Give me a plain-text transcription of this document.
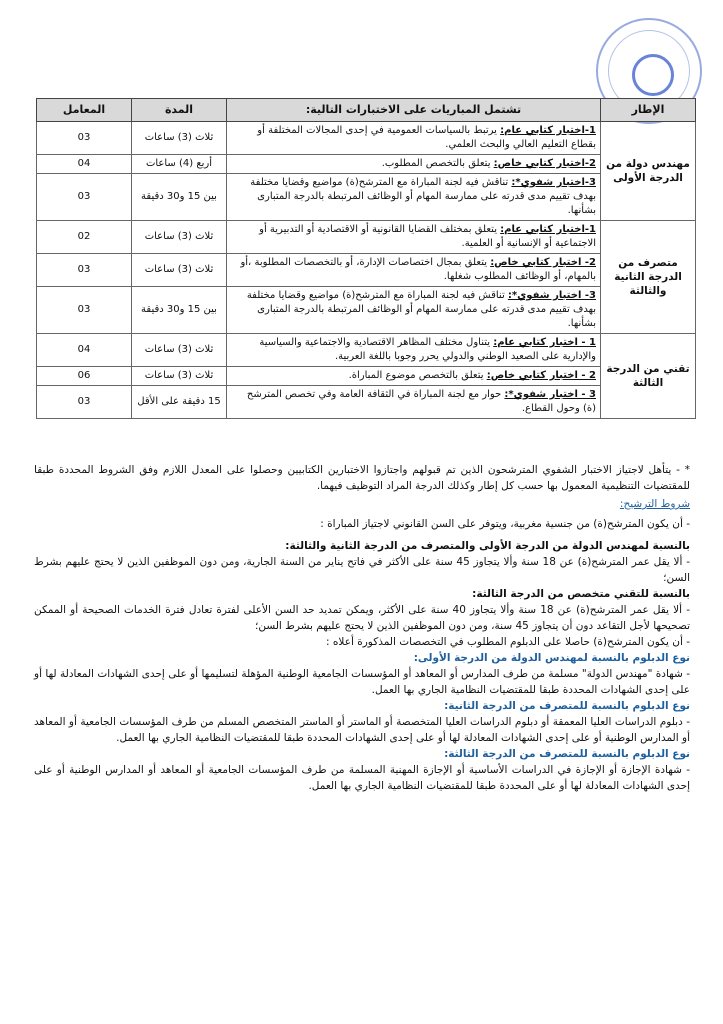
الإطار	تشتمل المباريات على الاختبارات التالية:	المدة	المعامل
مهندس دولة من الدرجة الأولى	1-اختبار كتابي عام: يرتبط بالسياسات العمومية في إحدى المجالات المختلفة أو بقطاع التعليم العالي والبحث العلمي.	ثلاث (3) ساعات	03
	2-اختبار كتابي خاص: يتعلق بالتخصص المطلوب.	أربع (4) ساعات	04
	3-اختبار شفوي*: تناقش فيه لجنة المباراة مع المترشح(ة) مواضيع وقضايا مختلفة بهدف تقييم مدى قدرته على ممارسة المهام أو الوظائف المرتبطة بالدرجة المتبارى بشأنها.	بين 15 و30 دقيقة	03
متصرف من الدرجة الثانية والثالثة	1-اختبار كتابي عام: يتعلق بمختلف القضايا القانونية أو الاقتصادية أو التدبيرية أو الاجتماعية أو الإنسانية أو العلمية.	ثلاث (3) ساعات	02
	2- اختبار كتابي خاص: يتعلق بمجال اختصاصات الإدارة، أو بالتخصصات المطلوبة ،أو بالمهام، أو الوظائف المطلوب شغلها.	ثلاث (3) ساعات	03
	3- اختبار شفوي*: تناقش فيه لجنة المباراة مع المترشح(ة) مواضيع وقضايا مختلفة بهدف تقييم مدى قدرته على ممارسة المهام أو الوظائف المرتبطة بالدرجة المتبارى بشأنها.	بين 15 و30 دقيقة	03
تقني من الدرجة الثالثة	1 - اختبار كتابي عام: يتناول مختلف المظاهر الاقتصادية والاجتماعية والسياسية والإدارية على الصعيد الوطني والدولي يحرر وجوبا باللغة العربية.	ثلاث (3) ساعات	04
	2 - اختبار كتابي خاص: يتعلق بالتخصص موضوع المباراة.	ثلاث (3) ساعات	06
	3 - اختبار شفوي*: حوار مع لجنة المباراة في الثقافة العامة وفي تخصص المترشح (ة) وحول القطاع.	15 دقيقة على الأقل	03

* - يتأهل لاجتياز الاختبار الشفوي المترشحون الذين تم قبولهم واجتازوا الاختبارين الكتابيين وحصلوا على المعدل اللازم وفق الشروط المحددة طبقا للمقتضيات التنظيمية المعمول بها حسب كل إطار وكذلك الدرجة المراد التوظيف فيهما.

شروط الترشيح:

- أن يكون المترشح(ة) من جنسية مغربية، ويتوفر على السن القانوني لاجتياز المباراة :

بالنسبة لمهندس الدولة من الدرجة الأولى والمتصرف من الدرجة الثانية والثالثة:

- ألا يقل عمر المترشح(ة) عن 18 سنة وألا يتجاوز 45 سنة على الأكثر في فاتح يناير من السنة الجارية، ومن دون الموظفين الذين لا يحتج عليهم بشرط السن؛

بالنسبة للتقني متخصص من الدرجة الثالثة:

- ألا يقل عمر المترشح(ة) عن 18 سنة وألا يتجاوز 40 سنة على الأكثر، ويمكن تمديد حد السن الأعلى لفترة تعادل فترة الخدمات الصحيحة أو الممكن تصحيحها لأجل التقاعد دون أن يتجاوز 45 سنة، ومن دون الموظفين الذين لا يحتج عليهم بشرط السن؛

- أن يكون المترشح(ة) حاصلا على الدبلوم المطلوب في التخصصات المذكورة أعلاه :

نوع الدبلوم بالنسبة لمهندس الدولة من الدرجة الأولى:

- شهادة "مهندس الدولة" مسلمة من طرف المدارس أو المعاهد أو المؤسسات الجامعية الوطنية المؤهلة لتسليمها أو على إحدى الشهادات المعادلة لها أو على إحدى الشهادات المحددة طبقا للمقتضيات النظامية الجاري بها العمل.

نوع الدبلوم بالنسبة للمتصرف من الدرجة الثانية:

- دبلوم الدراسات العليا المعمقة أو دبلوم الدراسات العليا المتخصصة أو الماستر أو الماستر المتخصص المسلم من طرف المؤسسات الجامعية أو المعاهد أو المدارس الوطنية أو على إحدى الشهادات المعادلة لها أو على إحدى الشهادات المحددة طبقا للمقتضيات النظامية الجاري بها العمل.

نوع الدبلوم بالنسبة للمتصرف من الدرجة الثالثة:

- شهادة الإجازة أو الإجازة في الدراسات الأساسية أو الإجازة المهنية المسلمة من طرف المؤسسات الجامعية أو المعاهد أو المدارس الوطنية أو على إحدى الشهادات المعادلة لها أو على المحددة طبقا للمقتضيات النظامية الجاري بها العمل.
